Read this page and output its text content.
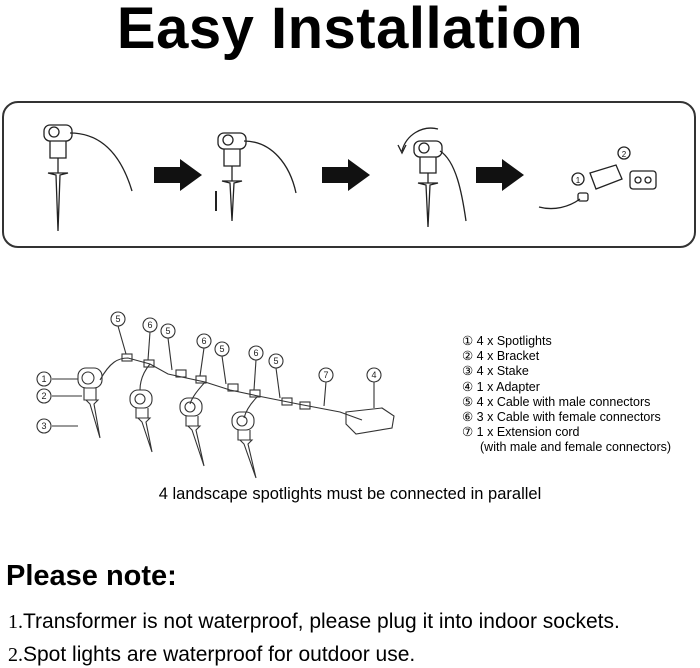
Easy Installation
1
2
1
2
3
5
6
5
6
5	6
5
7	4
① 4 x Spotlights
② 4 x Bracket
③ 4 x Stake
④ 1 x Adapter
⑤ 4 x Cable with male connectors
⑥ 3 x Cable with female connectors
⑦ 1 x Extension cord
(with male and female connectors)
4 landscape spotlights must be connected in parallel
Please note:
1.Transformer is not waterproof, please plug it into indoor sockets.
2.Spot lights are waterproof for outdoor use.
